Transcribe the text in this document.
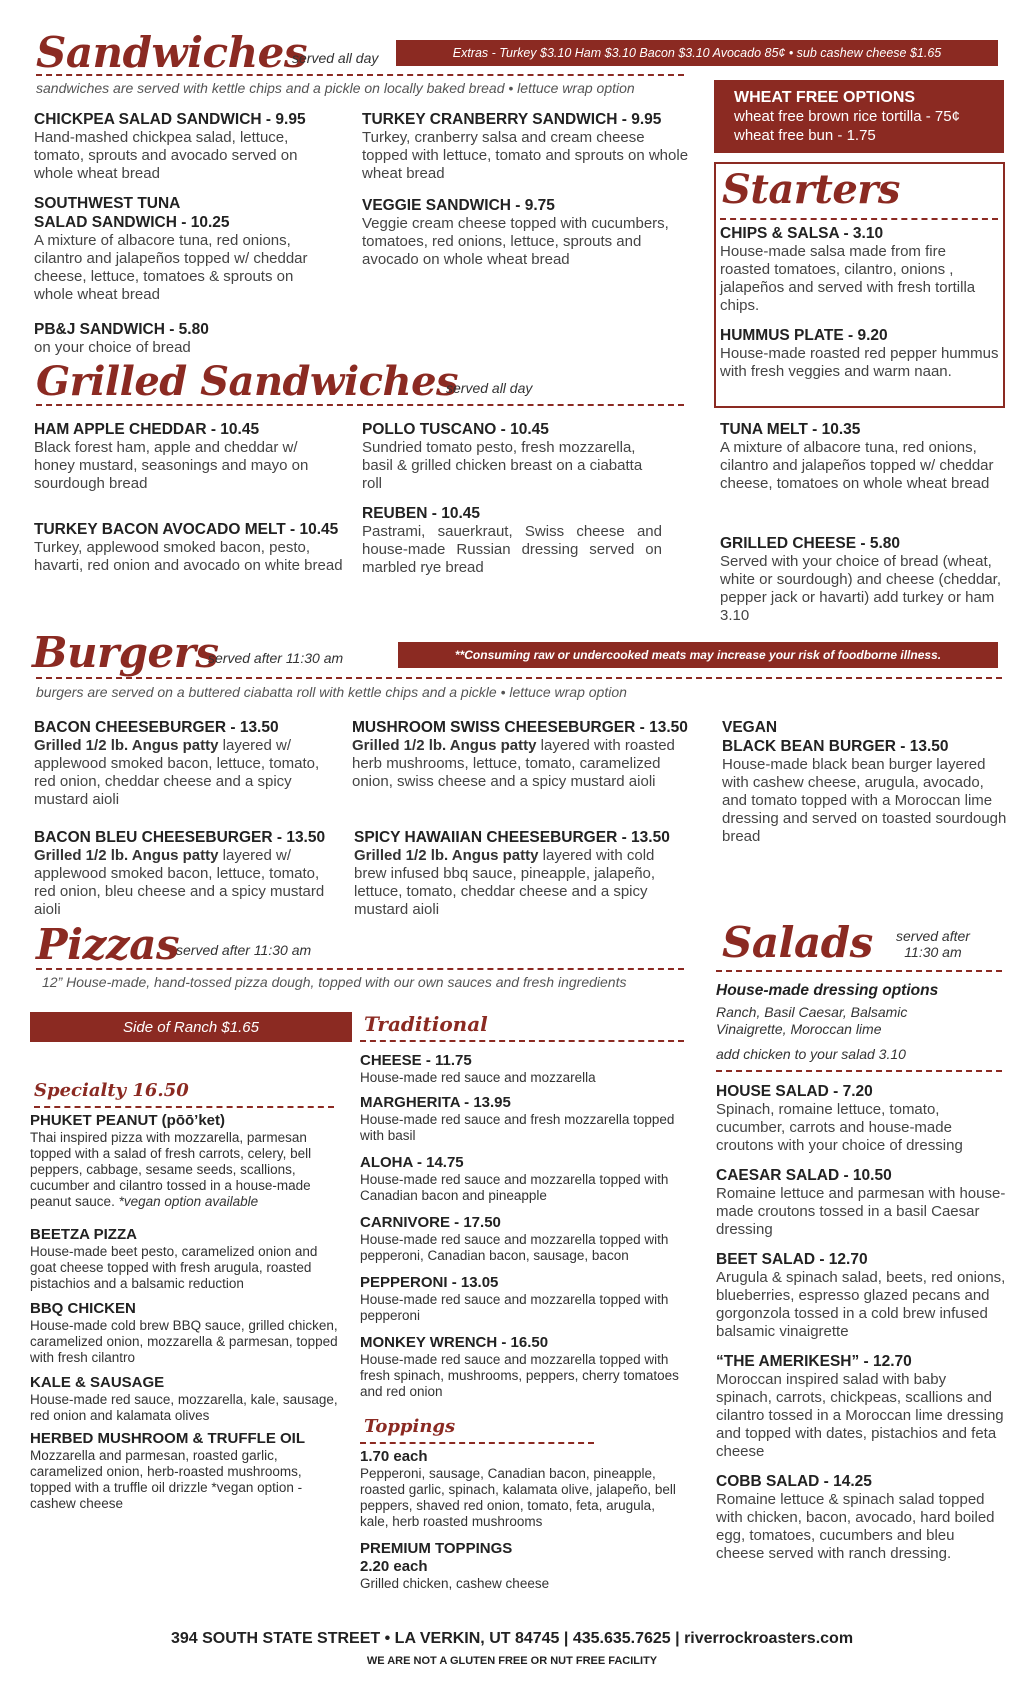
Sandwiches
served all day	Extras - Turkey $3.10 Ham $3.10 Bacon $3.10 Avocado 85¢ • sub cashew cheese $1.65
sandwiches are served with kettle chips and a pickle on locally baked bread • lettuce wrap option
CHICKPEA SALAD SANDWICH - 9.95
Hand-mashed chickpea salad, lettuce, tomato, sprouts and avocado served on whole wheat bread
SOUTHWEST TUNA
SALAD SANDWICH - 10.25
A mixture of albacore tuna, red onions, cilantro and jalapeños topped w/ cheddar cheese, lettuce, tomatoes & sprouts on whole wheat bread
PB&J SANDWICH - 5.80
on your choice of bread
TURKEY CRANBERRY SANDWICH - 9.95
Turkey, cranberry salsa and cream cheese topped with lettuce, tomato and sprouts on whole wheat bread
VEGGIE SANDWICH - 9.75
Veggie cream cheese topped with cucumbers, tomatoes, red onions, lettuce, sprouts and avocado on whole wheat bread
WHEAT FREE OPTIONS
wheat free brown rice tortilla - 75¢
wheat free bun - 1.75
Starters
CHIPS & SALSA - 3.10
House-made salsa made from fire roasted tomatoes, cilantro, onions , jalapeños and served with fresh tortilla chips.
HUMMUS PLATE - 9.20
House-made roasted red pepper hummus with fresh veggies and warm naan.
Grilled Sandwiches
served all day
HAM APPLE CHEDDAR - 10.45
Black forest ham, apple and cheddar w/ honey mustard, seasonings and mayo on sourdough bread
TURKEY BACON AVOCADO MELT - 10.45
Turkey, applewood smoked bacon, pesto, havarti, red onion and avocado on white bread
POLLO TUSCANO - 10.45
Sundried tomato pesto, fresh mozzarella, basil & grilled chicken breast on a ciabatta roll
REUBEN - 10.45
Pastrami, sauerkraut, Swiss cheese and house-made Russian dressing served on marbled rye bread
TUNA MELT - 10.35
A mixture of albacore tuna, red onions, cilantro and jalapeños topped w/ cheddar cheese, tomatoes on whole wheat bread
GRILLED CHEESE - 5.80
Served with your choice of bread (wheat, white or sourdough) and cheese (cheddar, pepper jack or havarti) add turkey or ham 3.10
Burgers
served after 11:30 am	**Consuming raw or undercooked meats may increase your risk of foodborne illness.
burgers are served on a buttered ciabatta roll with kettle chips and a pickle • lettuce wrap option
BACON CHEESEBURGER - 13.50
Grilled 1/2 lb. Angus patty layered w/ applewood smoked bacon, lettuce, tomato, red onion, cheddar cheese and a spicy mustard aioli
BACON BLEU CHEESEBURGER - 13.50
Grilled 1/2 lb. Angus patty layered w/ applewood smoked bacon, lettuce, tomato, red onion, bleu cheese and a spicy mustard aioli
MUSHROOM SWISS CHEESEBURGER - 13.50
Grilled 1/2 lb. Angus patty layered with roasted herb mushrooms, lettuce, tomato, caramelized onion, swiss cheese and a spicy mustard aioli
SPICY HAWAIIAN CHEESEBURGER - 13.50
Grilled 1/2 lb. Angus patty layered with cold brew infused bbq sauce, pineapple, jalapeño, lettuce, tomato, cheddar cheese and a spicy mustard aioli
VEGAN
BLACK BEAN BURGER - 13.50
House-made black bean burger layered with cashew cheese, arugula, avocado, and tomato topped with a Moroccan lime dressing and served on toasted sourdough bread
Pizzas
served after 11:30 am
12” House-made, hand-tossed pizza dough, topped with our own sauces and fresh ingredients
Side of Ranch $1.65
Specialty 16.50
PHUKET PEANUT (pōō’ket)
Thai inspired pizza with mozzarella, parmesan topped with a salad of fresh carrots, celery, bell peppers, cabbage, sesame seeds, scallions, cucumber and cilantro tossed in a house-made peanut sauce. *vegan option available
BEETZA PIZZA
House-made beet pesto, caramelized onion and goat cheese topped with fresh arugula, roasted pistachios and a balsamic reduction
BBQ CHICKEN
House-made cold brew BBQ sauce, grilled chicken, caramelized onion, mozzarella & parmesan, topped with fresh cilantro
KALE & SAUSAGE
House-made red sauce, mozzarella, kale, sausage, red onion and kalamata olives
HERBED MUSHROOM & TRUFFLE OIL
Mozzarella and parmesan, roasted garlic, caramelized onion, herb-roasted mushrooms, topped with a truffle oil drizzle *vegan option - cashew cheese
Traditional
CHEESE - 11.75
House-made red sauce and mozzarella
MARGHERITA - 13.95
House-made red sauce and fresh mozzarella topped with basil
ALOHA - 14.75
House-made red sauce and mozzarella topped with Canadian bacon and pineapple
CARNIVORE - 17.50
House-made red sauce and mozzarella topped with pepperoni, Canadian bacon, sausage, bacon
PEPPERONI - 13.05
House-made red sauce and mozzarella topped with pepperoni
MONKEY WRENCH - 16.50
House-made red sauce and mozzarella topped with fresh spinach, mushrooms, peppers, cherry tomatoes and red onion
Toppings
1.70 each
Pepperoni, sausage, Canadian bacon, pineapple, roasted garlic, spinach, kalamata olive, jalapeño, bell peppers, shaved red onion, tomato, feta, arugula, kale, herb roasted mushrooms
PREMIUM TOPPINGS
2.20 each
Grilled chicken, cashew cheese
Salads served after
11:30 am
House-made dressing options
Ranch, Basil Caesar, Balsamic Vinaigrette, Moroccan lime
add chicken to your salad 3.10
HOUSE SALAD - 7.20
Spinach, romaine lettuce, tomato, cucumber, carrots and house-made croutons with your choice of dressing
CAESAR SALAD - 10.50
Romaine lettuce and parmesan with house-made croutons tossed in a basil Caesar dressing
BEET SALAD - 12.70
Arugula & spinach salad, beets, red onions, blueberries, espresso glazed pecans and gorgonzola tossed in a cold brew infused balsamic vinaigrette
“THE AMERIKESH” - 12.70
Moroccan inspired salad with baby spinach, carrots, chickpeas, scallions and cilantro tossed in a Moroccan lime dressing and topped with dates, pistachios and feta cheese
COBB SALAD - 14.25
Romaine lettuce & spinach salad topped with chicken, bacon, avocado, hard boiled egg, tomatoes, cucumbers and bleu cheese served with ranch dressing.
394 SOUTH STATE STREET • LA VERKIN, UT 84745 | 435.635.7625 | riverrockroasters.com
WE ARE NOT A GLUTEN FREE OR NUT FREE FACILITY
